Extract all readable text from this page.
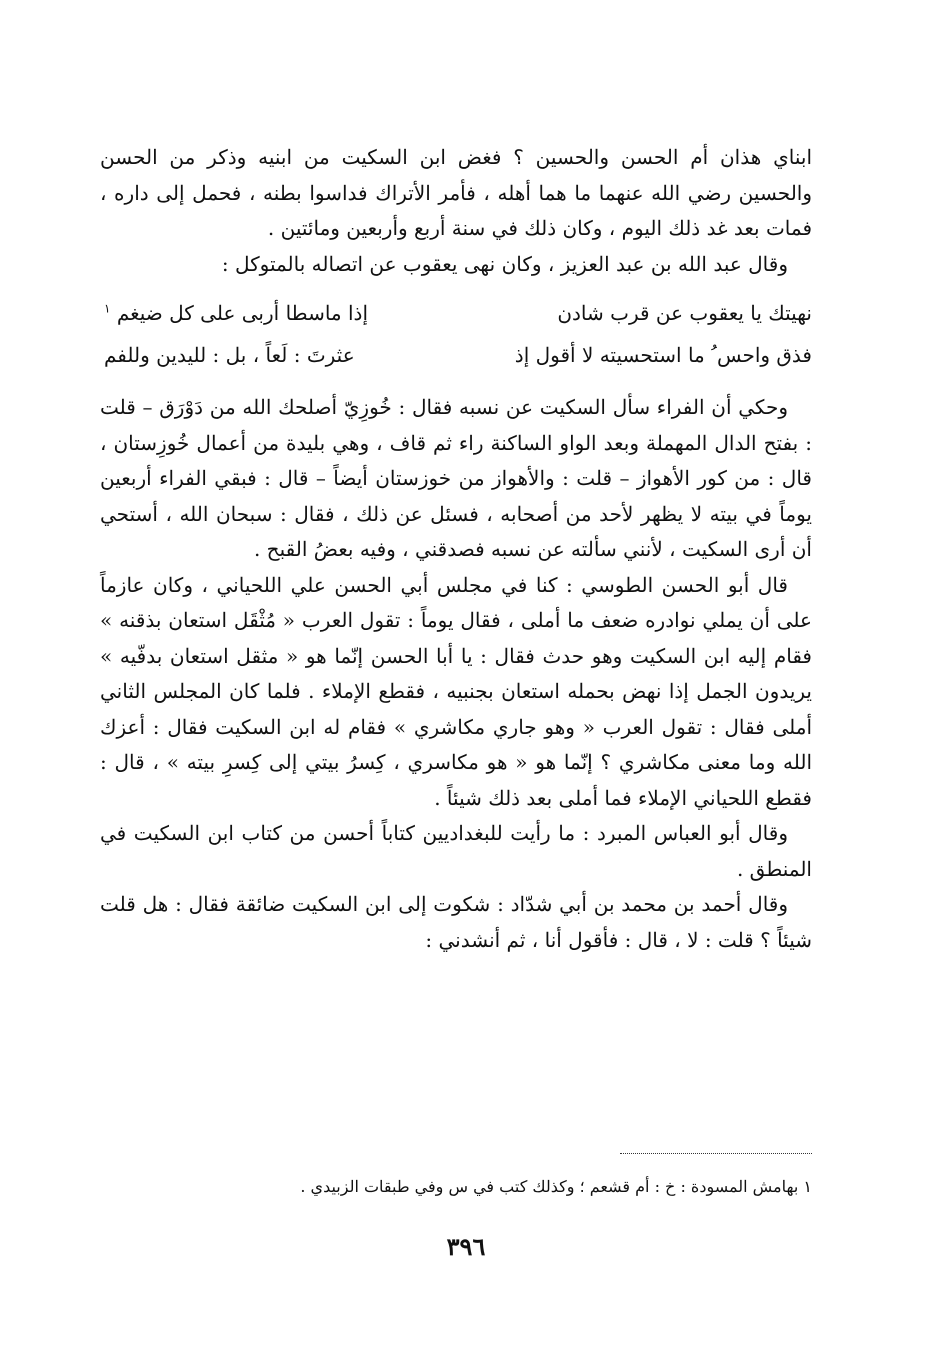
ابناي هذان أم الحسن والحسين ؟ فغض ابن السكيت من ابنيه وذكر من الحسن والحسين رضي الله عنهما ما هما أهله ، فأمر الأتراك فداسوا بطنه ، فحمل إلى داره ، فمات بعد غد ذلك اليوم ، وكان ذلك في سنة أربع وأربعين ومائتين .

وقال عبد الله بن عبد العزيز ، وكان نهى يعقوب عن اتصاله بالمتوكل :

نهيتك يا يعقوب عن قرب شادن
إذا ماسطا أربى على كل ضيغم $^١$
فذق واحس ُ ما استحسيته لا أقول إذ
عثرتَ : لَعاً ، بل : لليدين وللفم

وحكي أن الفراء سأل السكيت عن نسبه فقال : خُوزِيّ أصلحك الله من دَوْرَق – قلت : بفتح الدال المهملة وبعد الواو الساكنة راء ثم قاف ، وهي بليدة من أعمال خُوزِستان ، قال : من كور الأهواز – قلت : والأهواز من خوزستان أيضاً – قال : فبقي الفراء أربعين يوماً في بيته لا يظهر لأحد من أصحابه ، فسئل عن ذلك ، فقال : سبحان الله ، أستحي أن أرى السكيت ، لأنني سألته عن نسبه فصدقني ، وفيه بعضُ القبح .

قال أبو الحسن الطوسي : كنا في مجلس أبي الحسن علي اللحياني ، وكان عازماً على أن يملي نوادره ضعف ما أملى ، فقال يوماً : تقول العرب « مُثْقَل استعان بذقنه » فقام إليه ابن السكيت وهو حدث فقال : يا أبا الحسن إنّما هو « مثقل استعان بدفّيه » يريدون الجمل إذا نهض بحمله استعان بجنبيه ، فقطع الإملاء . فلما كان المجلس الثاني أملى فقال : تقول العرب « وهو جاري مكاشري » فقام له ابن السكيت فقال : أعزك الله وما معنى مكاشري ؟ إنّما هو « هو مكاسري ، كِسرُ بيتي إلى كِسرِ بيته » ، قال : فقطع اللحياني الإملاء فما أملى بعد ذلك شيئاً .

وقال أبو العباس المبرد : ما رأيت للبغداديين كتاباً أحسن من كتاب ابن السكيت في المنطق .

وقال أحمد بن محمد بن أبي شدّاد : شكوت إلى ابن السكيت ضائقة فقال : هل قلت شيئاً ؟ قلت : لا ، قال : فأقول أنا ، ثم أنشدني :

١ بهامش المسودة : خ : أم قشعم ؛ وكذلك كتب في س وفي طبقات الزبيدي .
٣٩٦
